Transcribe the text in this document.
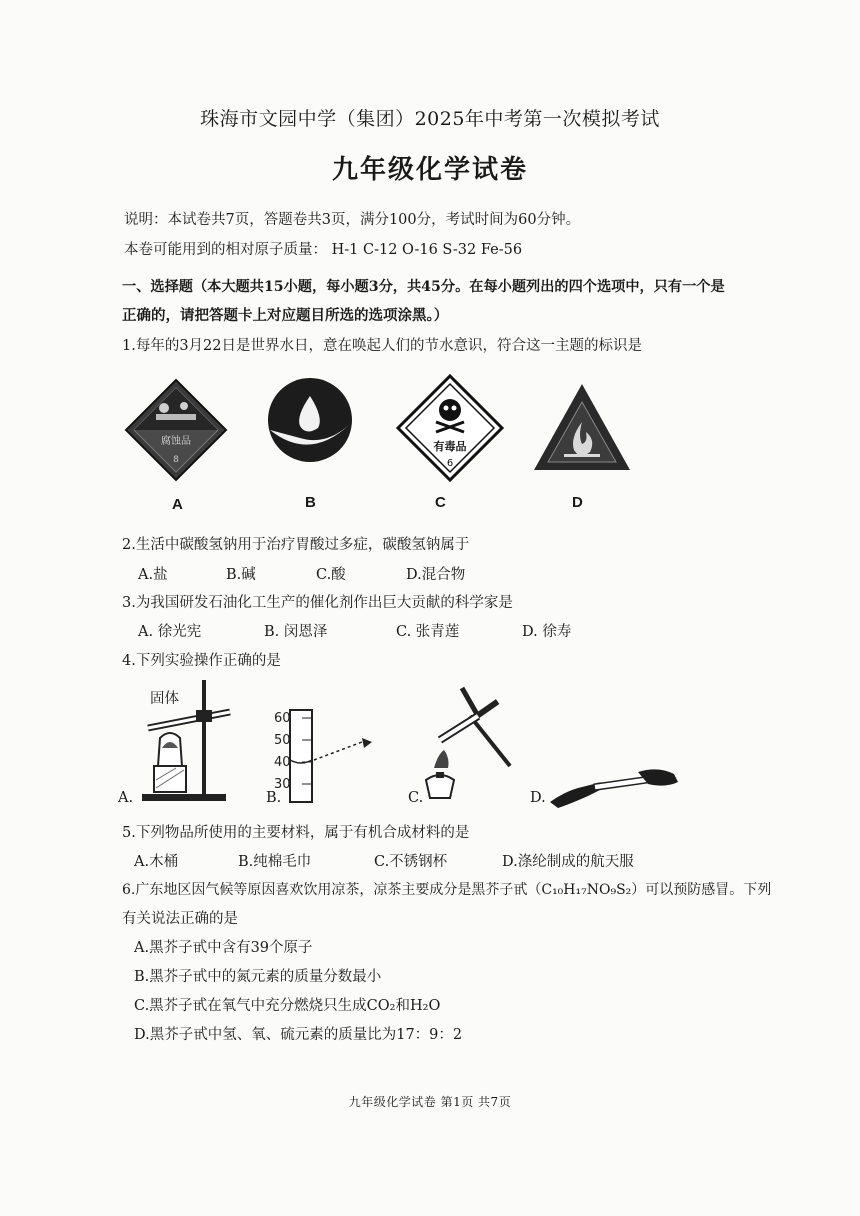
珠海市文园中学（集团）2025年中考第一次模拟考试
九年级化学试卷
说明：本试卷共7页，答题卷共3页，满分100分，考试时间为60分钟。
本卷可能用到的相对原子质量： H-1 C-12 O-16 S-32 Fe-56
一、选择题（本大题共15小题，每小题3分，共45分。在每小题列出的四个选项中，只有一个是
正确的，请把答题卡上对应题目所选的选项涂黑。）
1.每年的3月22日是世界水日，意在唤起人们的节水意识，符合这一主题的标识是
腐蚀品
8
有毒品
6
A	B	C	D
2.生活中碳酸氢钠用于治疗胃酸过多症，碳酸氢钠属于
A.盐	B.碱	C.酸	D.混合物
3.为我国研发石油化工生产的催化剂作出巨大贡献的科学家是
A. 徐光宪	B. 闵恩泽	C. 张青莲	D. 徐寿
4.下列实验操作正确的是
固体
60
50
40
30
A.	B.	C.	D.
5.下列物品所使用的主要材料，属于有机合成材料的是
A.木桶	B.纯棉毛巾	C.不锈钢杯	D.涤纶制成的航天服
6.广东地区因气候等原因喜欢饮用凉茶，凉茶主要成分是黑芥子甙（C₁₀H₁₇NO₉S₂）可以预防感冒。下列
有关说法正确的是
A.黑芥子甙中含有39个原子
B.黑芥子甙中的氮元素的质量分数最小
C.黑芥子甙在氧气中充分燃烧只生成CO₂和H₂O
D.黑芥子甙中氢、氧、硫元素的质量比为17：9：2
九年级化学试卷 第1页 共7页
